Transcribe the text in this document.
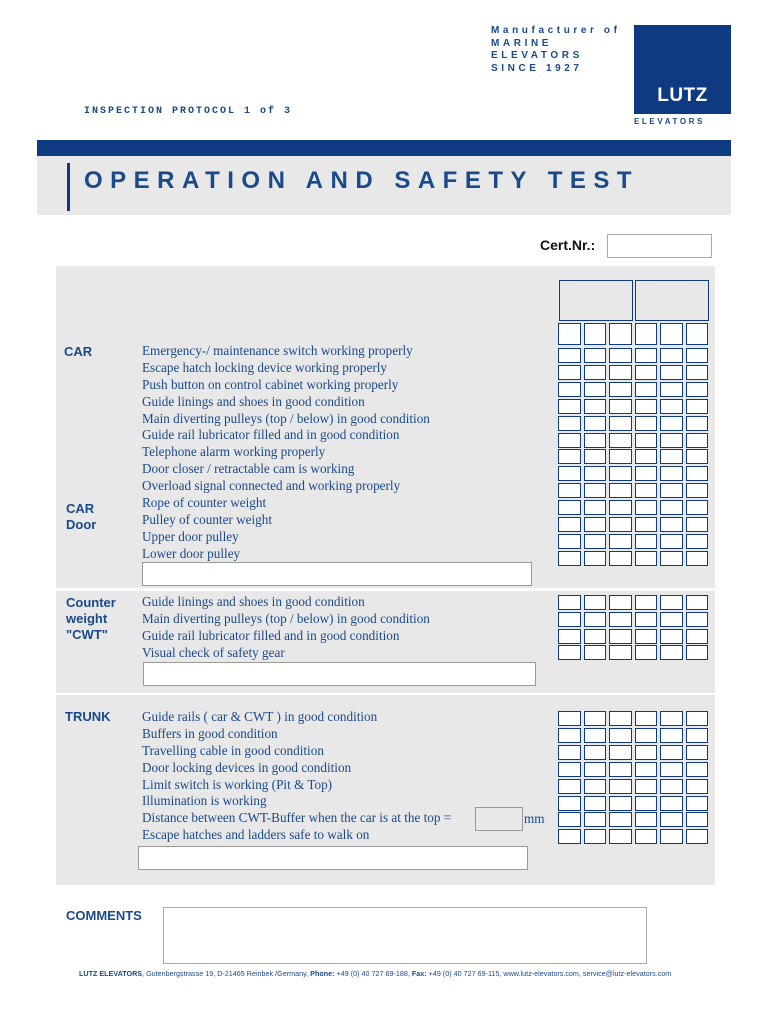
Manufacturer of
MARINE
ELEVATORS
SINCE 1927
LUTZ
ELEVATORS
INSPECTION PROTOCOL 1 of 3
OPERATION AND SAFETY TEST
Cert.Nr.:
CAR
CAR
Door
Emergency-/ maintenance switch working properly
Escape hatch locking device working properly
Push button on control cabinet working properly
Guide linings and shoes in good condition
Main diverting pulleys (top / below) in good condition
Guide rail lubricator filled and in good condition
Telephone alarm working properly
Door closer / retractable cam is working
Overload signal connected and working properly
Rope of counter weight
Pulley of counter weight
Upper door pulley
Lower door pulley
Counter
weight
"CWT"
Guide linings and shoes in good condition
Main diverting pulleys (top / below) in good condition
Guide rail lubricator filled and in good condition
Visual check of safety gear
TRUNK Guide rails ( car & CWT ) in good condition
Buffers in good condition
Travelling cable in good condition
Door locking devices in good condition
Limit switch is working (Pit & Top)
Illumination is working
Distance between CWT-Buffer when the car is at the top =
Escape hatches and ladders safe to walk on
mm
COMMENTS
LUTZ ELEVATORS, Gutenbergstrasse 19, D-21465 Reinbek /Germany, Phone: +49 (0) 40 727 69-188, Fax: +49 (0) 40 727 69-115, www.lutz-elevators.com, service@lutz-elevators.com
